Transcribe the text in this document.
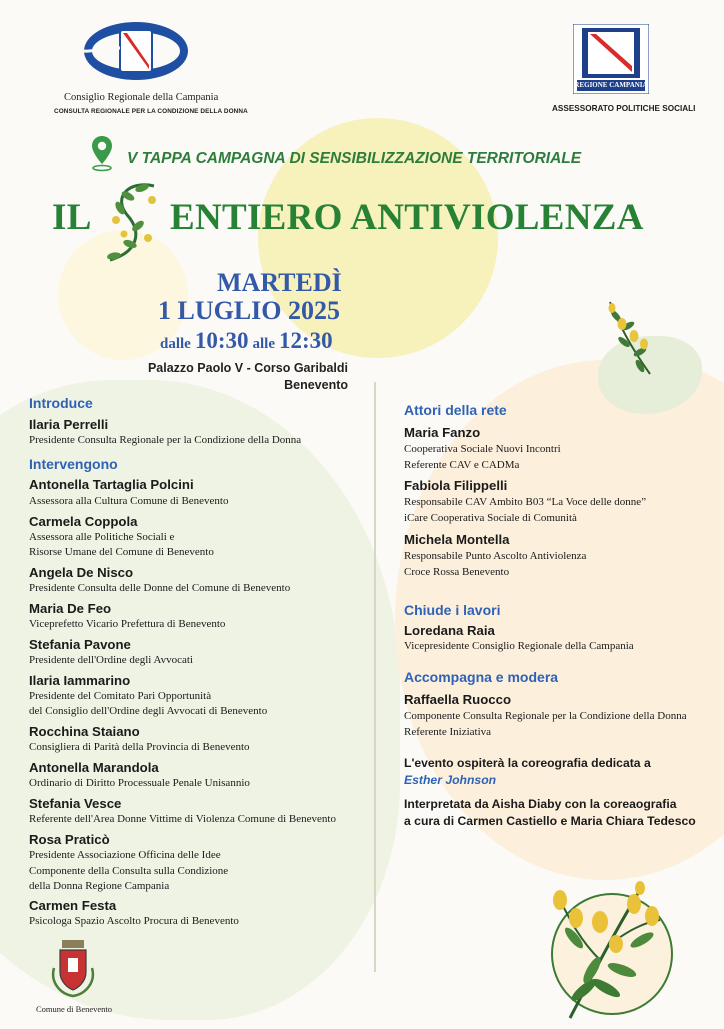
Consiglio Regionale della Campania
CONSULTA REGIONALE PER LA CONDIZIONE DELLA DONNA
REGIONE CAMPANIA
ASSESSORATO POLITICHE SOCIALI
V TAPPA CAMPAGNA DI SENSIBILIZZAZIONE TERRITORIALE
IL ENTIERO ANTIVIOLENZA
MARTEDÌ
1 LUGLIO 2025
dalle 10:30 alle 12:30
Palazzo Paolo V - Corso Garibaldi
Benevento
Introduce
Ilaria Perrelli
Presidente Consulta Regionale per la Condizione della Donna
Intervengono
Antonella Tartaglia Polcini
Assessora alla Cultura Comune di Benevento
Carmela Coppola
Assessora alle Politiche Sociali e
Risorse Umane del Comune di Benevento
Angela De Nisco
Presidente Consulta delle Donne del Comune di Benevento
Maria De Feo
Viceprefetto Vicario Prefettura di Benevento
Stefania Pavone
Presidente dell'Ordine degli Avvocati
Ilaria Iammarino
Presidente del Comitato Pari Opportunità
del Consiglio dell'Ordine degli Avvocati di Benevento
Rocchina Staiano
Consigliera di Parità della Provincia di Benevento
Antonella Marandola
Ordinario di Diritto Processuale Penale Unisannio
Stefania Vesce
Referente dell'Area Donne Vittime di Violenza Comune di Benevento
Rosa Praticò
Presidente Associazione Officina delle Idee
Componente della Consulta sulla Condizione
della Donna Regione Campania
Carmen Festa
Psicologa Spazio Ascolto Procura di Benevento
Attori della rete
Maria Fanzo
Cooperativa Sociale Nuovi Incontri
Referente CAV e CADMa
Fabiola Filippelli
Responsabile CAV Ambito B03 “La Voce delle donne”
iCare Cooperativa Sociale di Comunità
Michela Montella
Responsabile Punto Ascolto Antiviolenza
Croce Rossa Benevento
Chiude i lavori
Loredana Raia
Vicepresidente Consiglio Regionale della Campania
Accompagna e modera
Raffaella Ruocco
Componente Consulta Regionale per la Condizione della Donna
Referente Iniziativa
L'evento ospiterà la coreografia dedicata a
Esther Johnson
Interpretata da Aisha Diaby con la coreaografia
a cura di Carmen Castiello e Maria Chiara Tedesco
Comune di Benevento
